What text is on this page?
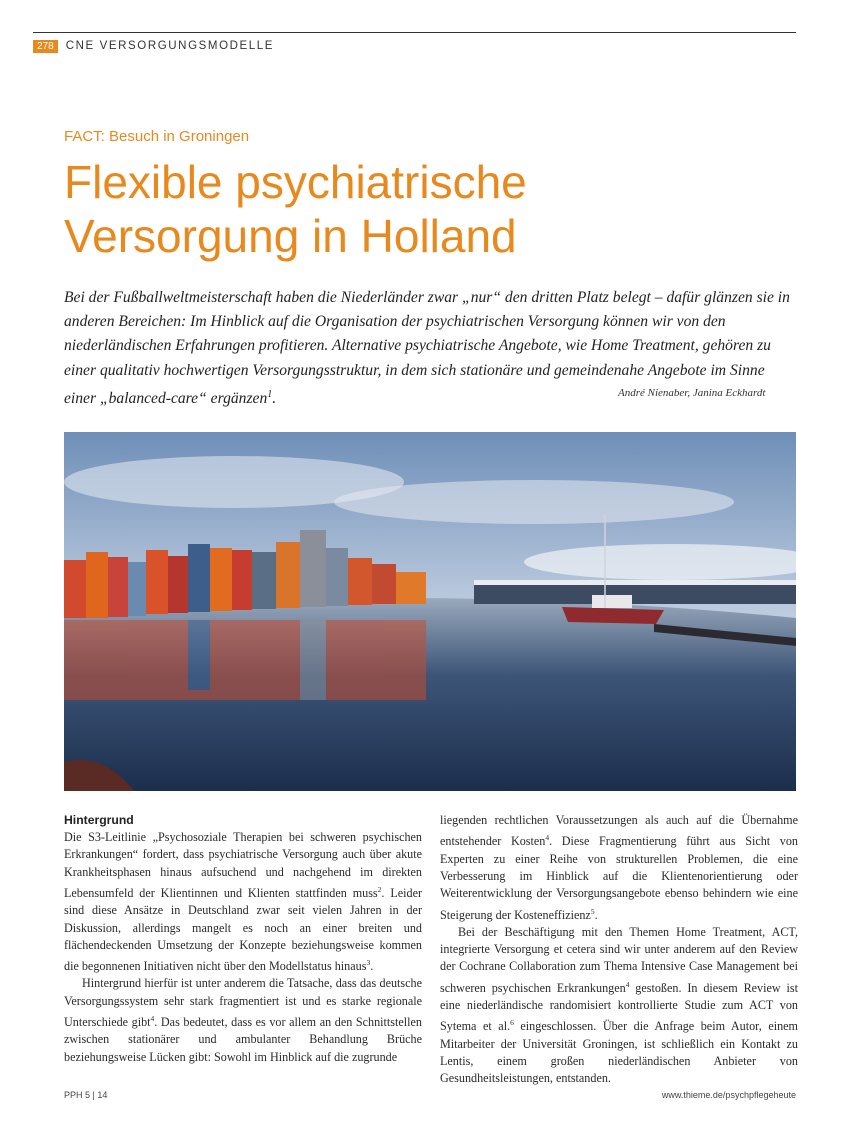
278	CNE VERSORGUNGSMODELLE
FACT: Besuch in Groningen
Flexible psychiatrische
Versorgung in Holland

Bei der Fußballweltmeisterschaft haben die Niederländer zwar „nur“ den dritten Platz belegt – dafür glänzen sie in anderen Bereichen: Im Hinblick auf die Organisation der psychiatrischen Versorgung können wir von den niederländischen Erfahrungen profitieren. Alternative psychiatrische Angebote, wie Home Treatment, gehören zu einer qualitativ hochwertigen Versorgungsstruktur, in dem sich stationäre und gemeindenahe Angebote im Sinne einer „balanced-care“ ergänzen$^1$.	André Nienaber, Janina Eckhardt
Hintergrund

Die S3-Leitlinie „Psychosoziale Therapien bei schweren psychischen Erkrankungen“ fordert, dass psychiatrische Versorgung auch über akute Krankheitsphasen hinaus aufsuchend und nachgehend im direkten Lebensumfeld der Klientinnen und Klienten stattfinden muss$^2$. Leider sind diese Ansätze in Deutschland zwar seit vielen Jahren in der Diskussion, allerdings mangelt es noch an einer breiten und flächendeckenden Umsetzung der Konzepte beziehungsweise kommen die begonnenen Initiativen nicht über den Modellstatus hinaus$^3$.

Hintergrund hierfür ist unter anderem die Tatsache, dass das deutsche Versorgungssystem sehr stark fragmentiert ist und es starke regionale Unterschiede gibt$^4$. Das bedeutet, dass es vor allem an den Schnittstellen zwischen stationärer und ambulanter Behandlung Brüche beziehungsweise Lücken gibt: Sowohl im Hinblick auf die zugrunde

liegenden rechtlichen Voraussetzungen als auch auf die Übernahme entstehender Kosten$^4$. Diese Fragmentierung führt aus Sicht von Experten zu einer Reihe von strukturellen Problemen, die eine Verbesserung im Hinblick auf die Klientenorientierung oder Weiterentwicklung der Versorgungsangebote ebenso behindern wie eine Steigerung der Kosteneffizienz$^5$.

Bei der Beschäftigung mit den Themen Home Treatment, ACT, integrierte Versorgung et cetera sind wir unter anderem auf den Review der Cochrane Collaboration zum Thema Intensive Case Management bei schweren psychischen Erkrankungen$^4$ gestoßen. In diesem Review ist eine niederländische randomisiert kontrollierte Studie zum ACT von Sytema et al.$^6$ eingeschlossen. Über die Anfrage beim Autor, einem Mitarbeiter der Universität Groningen, ist schließlich ein Kontakt zu Lentis, einem großen niederländischen Anbieter von Gesundheitsleistungen, entstanden.

PPH 5 | 14	www.thieme.de/psychpflegeheute
